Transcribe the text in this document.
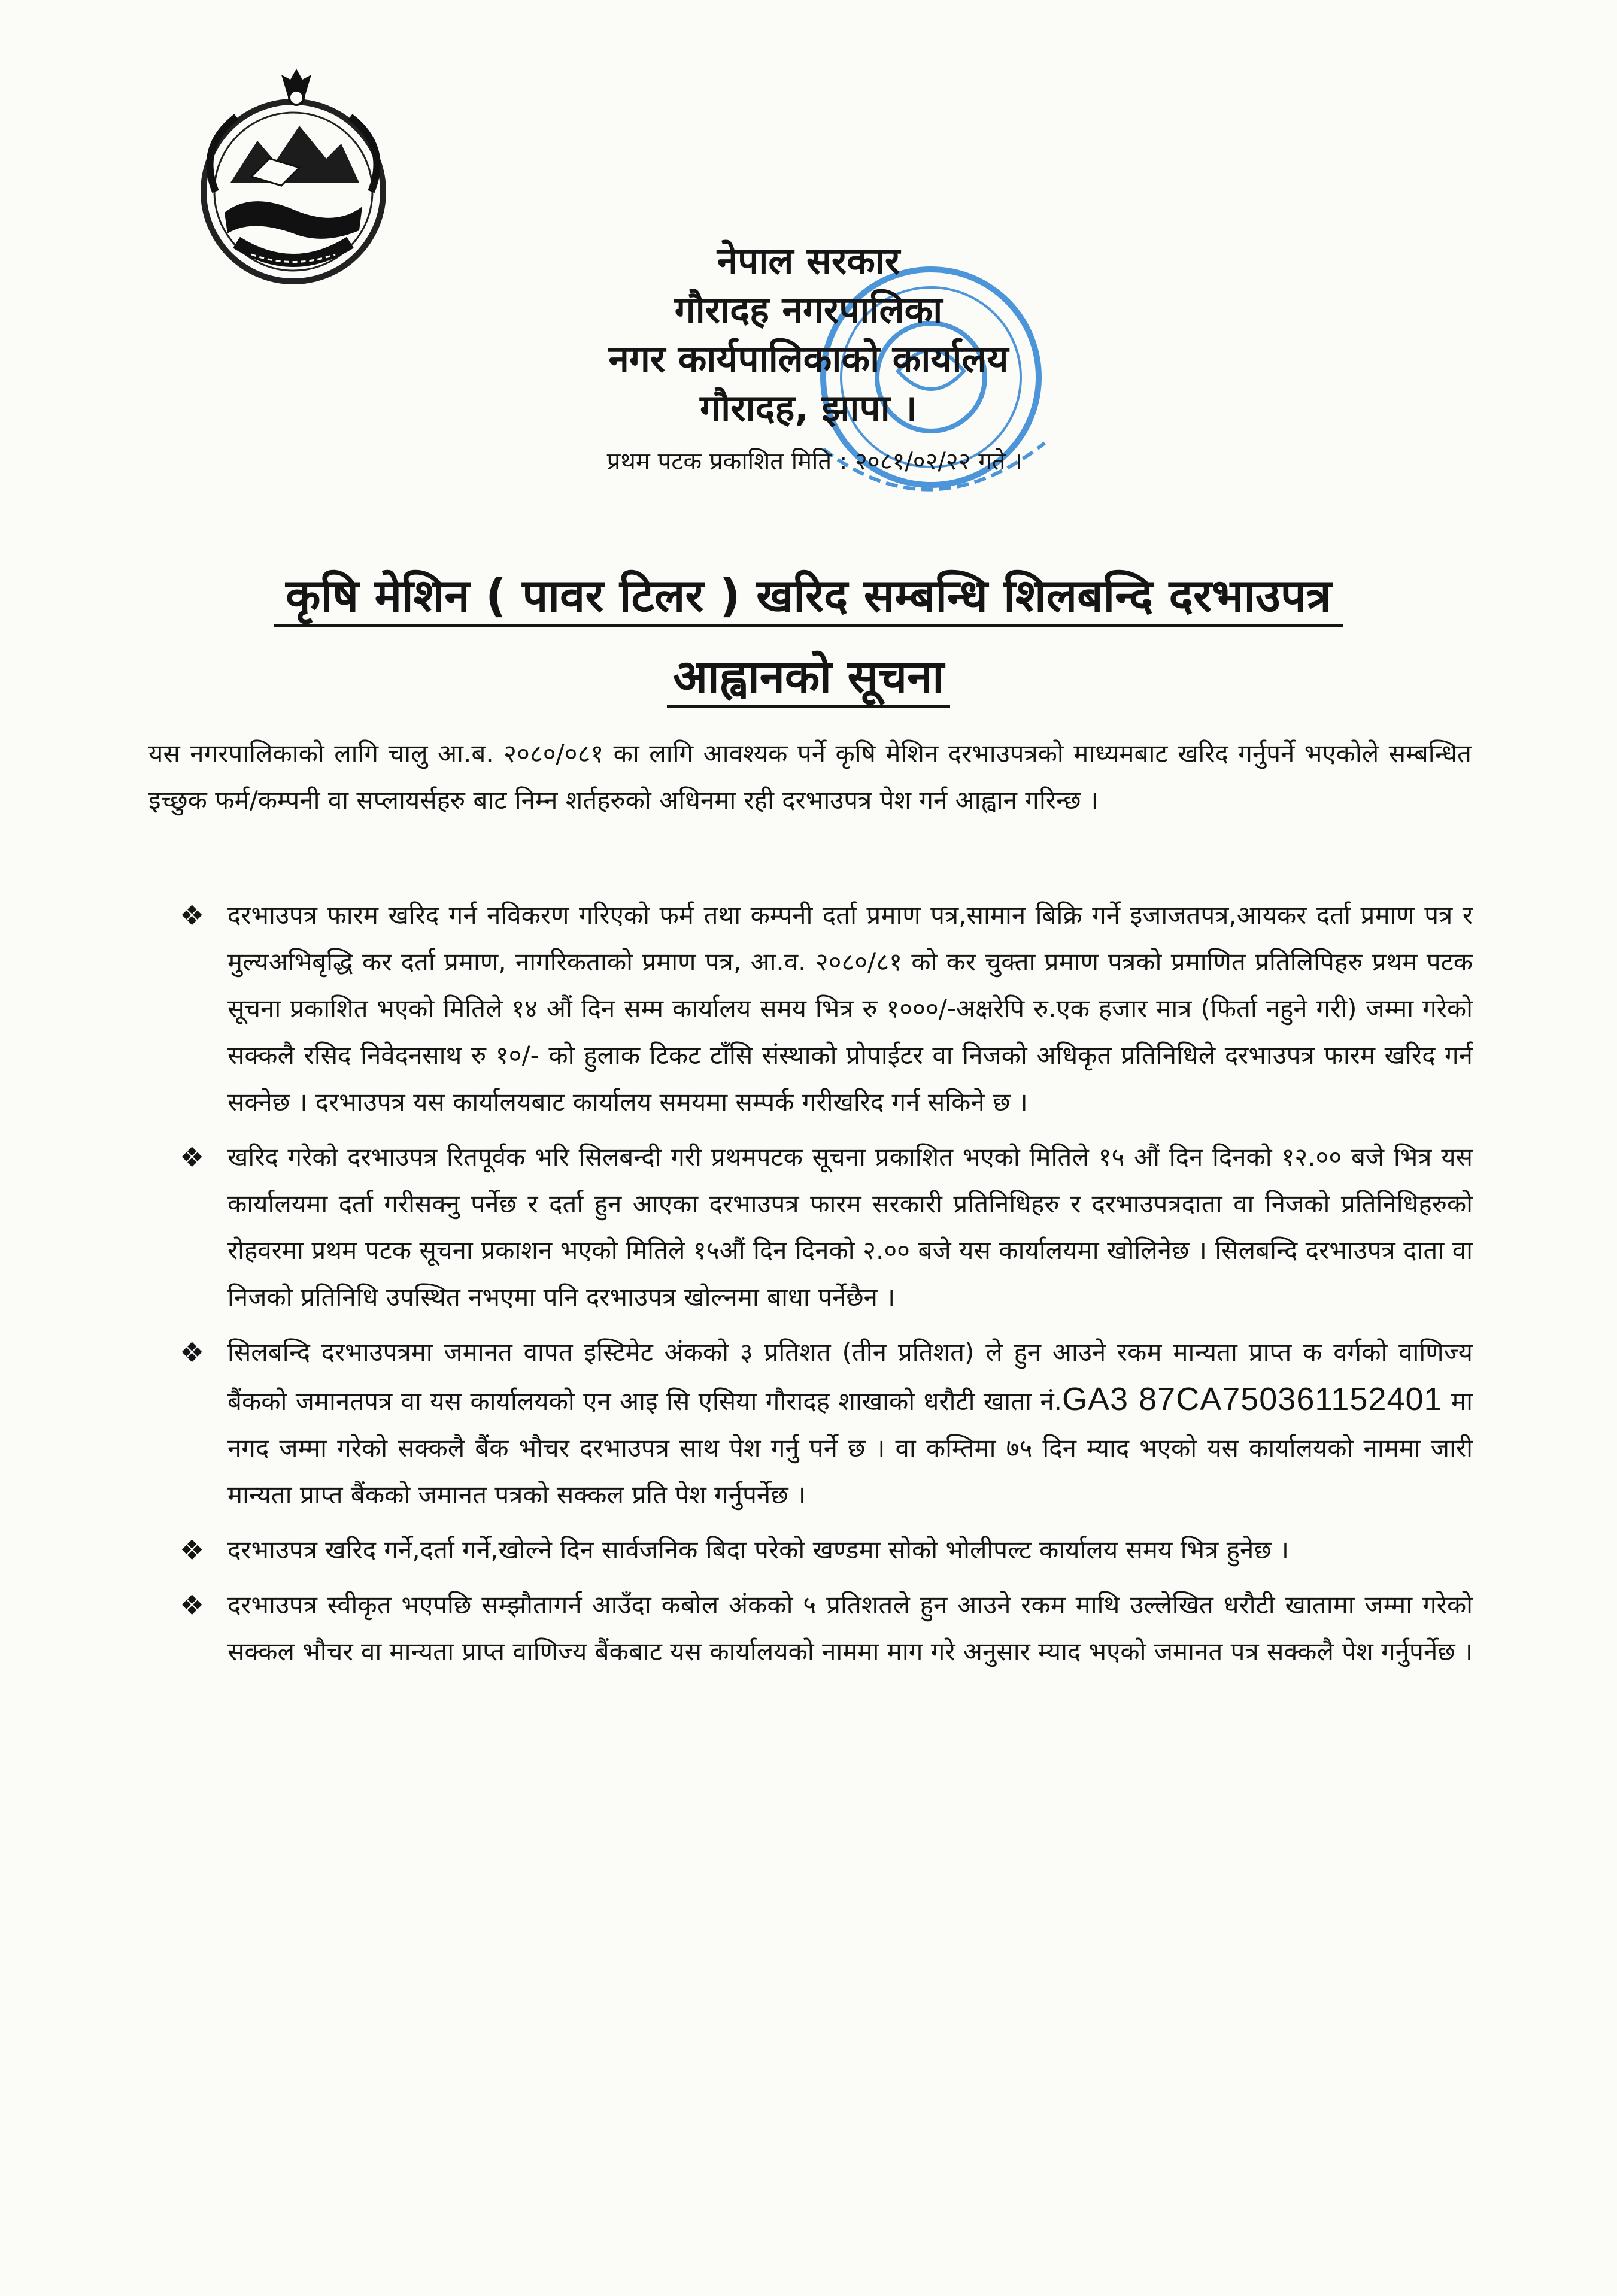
नेपाल सरकार
गौरादह नगरपालिका
नगर कार्यपालिकाको कार्यालय
गौरादह, झापा ।
प्रथम पटक प्रकाशित मिति : २०८१/०२/२२ गते ।
कृषि मेशिन ( पावर टिलर ) खरिद सम्बन्धि शिलबन्दि दरभाउपत्र
आह्वानको सूचना
यस नगरपालिकाको लागि चालु आ.ब. २०८०/०८१ का लागि आवश्यक पर्ने कृषि मेशिन दरभाउपत्रको माध्यमबाट खरिद गर्नुपर्ने भएकोले सम्बन्धित इच्छुक फर्म/कम्पनी वा सप्लायर्सहरु बाट निम्न शर्तहरुको अधिनमा रही दरभाउपत्र पेश गर्न आह्वान गरिन्छ ।
❖ दरभाउपत्र फारम खरिद गर्न नविकरण गरिएको फर्म तथा कम्पनी दर्ता प्रमाण पत्र,सामान बिक्रि गर्ने इजाजतपत्र,आयकर दर्ता प्रमाण पत्र र मुल्यअभिबृद्धि कर दर्ता प्रमाण, नागरिकताको प्रमाण पत्र, आ.व. २०८०/८१ को कर चुक्ता प्रमाण पत्रको प्रमाणित प्रतिलिपिहरु प्रथम पटक सूचना प्रकाशित भएको मितिले १४ औं दिन सम्म कार्यालय समय भित्र रु १०००/-अक्षरेपि रु.एक हजार मात्र (फिर्ता नहुने गरी) जम्मा गरेको सक्कलै रसिद निवेदनसाथ रु १०/- को हुलाक टिकट टाँसि संस्थाको प्रोपाईटर वा निजको अधिकृत प्रतिनिधिले दरभाउपत्र फारम खरिद गर्न सक्नेछ । दरभाउपत्र यस कार्यालयबाट कार्यालय समयमा सम्पर्क गरीखरिद गर्न सकिने छ ।
❖ खरिद गरेको दरभाउपत्र रितपूर्वक भरि सिलबन्दी गरी प्रथमपटक सूचना प्रकाशित भएको मितिले १५ औं दिन दिनको १२.०० बजे भित्र यस कार्यालयमा दर्ता गरीसक्नु पर्नेछ र दर्ता हुन आएका दरभाउपत्र फारम सरकारी प्रतिनिधिहरु र दरभाउपत्रदाता वा निजको प्रतिनिधिहरुको रोहवरमा प्रथम पटक सूचना प्रकाशन भएको मितिले १५औं दिन दिनको २.०० बजे यस कार्यालयमा खोलिनेछ । सिलबन्दि दरभाउपत्र दाता वा निजको प्रतिनिधि उपस्थित नभएमा पनि दरभाउपत्र खोल्नमा बाधा पर्नेछैन ।
❖ सिलबन्दि दरभाउपत्रमा जमानत वापत इस्टिमेट अंकको ३ प्रतिशत (तीन प्रतिशत) ले हुन आउने रकम मान्यता प्राप्त क वर्गको वाणिज्य बैंकको जमानतपत्र वा यस कार्यालयको एन आइ सि एसिया गौरादह शाखाको धरौटी खाता नं.GA3 87CA750361152401 मा नगद जम्मा गरेको सक्कलै बैंक भौचर दरभाउपत्र साथ पेश गर्नु पर्ने छ । वा कम्तिमा ७५ दिन म्याद भएको यस कार्यालयको नाममा जारी मान्यता प्राप्त बैंकको जमानत पत्रको सक्कल प्रति पेश गर्नुपर्नेछ ।
❖ दरभाउपत्र खरिद गर्ने,दर्ता गर्ने,खोल्ने दिन सार्वजनिक बिदा परेको खण्डमा सोको भोलीपल्ट कार्यालय समय भित्र हुनेछ ।
❖ दरभाउपत्र स्वीकृत भएपछि सम्झौतागर्न आउँदा कबोल अंकको ५ प्रतिशतले हुन आउने रकम माथि उल्लेखित धरौटी खातामा जम्मा गरेको सक्कल भौचर वा मान्यता प्राप्त वाणिज्य बैंकबाट यस कार्यालयको नाममा माग गरे अनुसार म्याद भएको जमानत पत्र सक्कलै पेश गर्नुपर्नेछ ।
